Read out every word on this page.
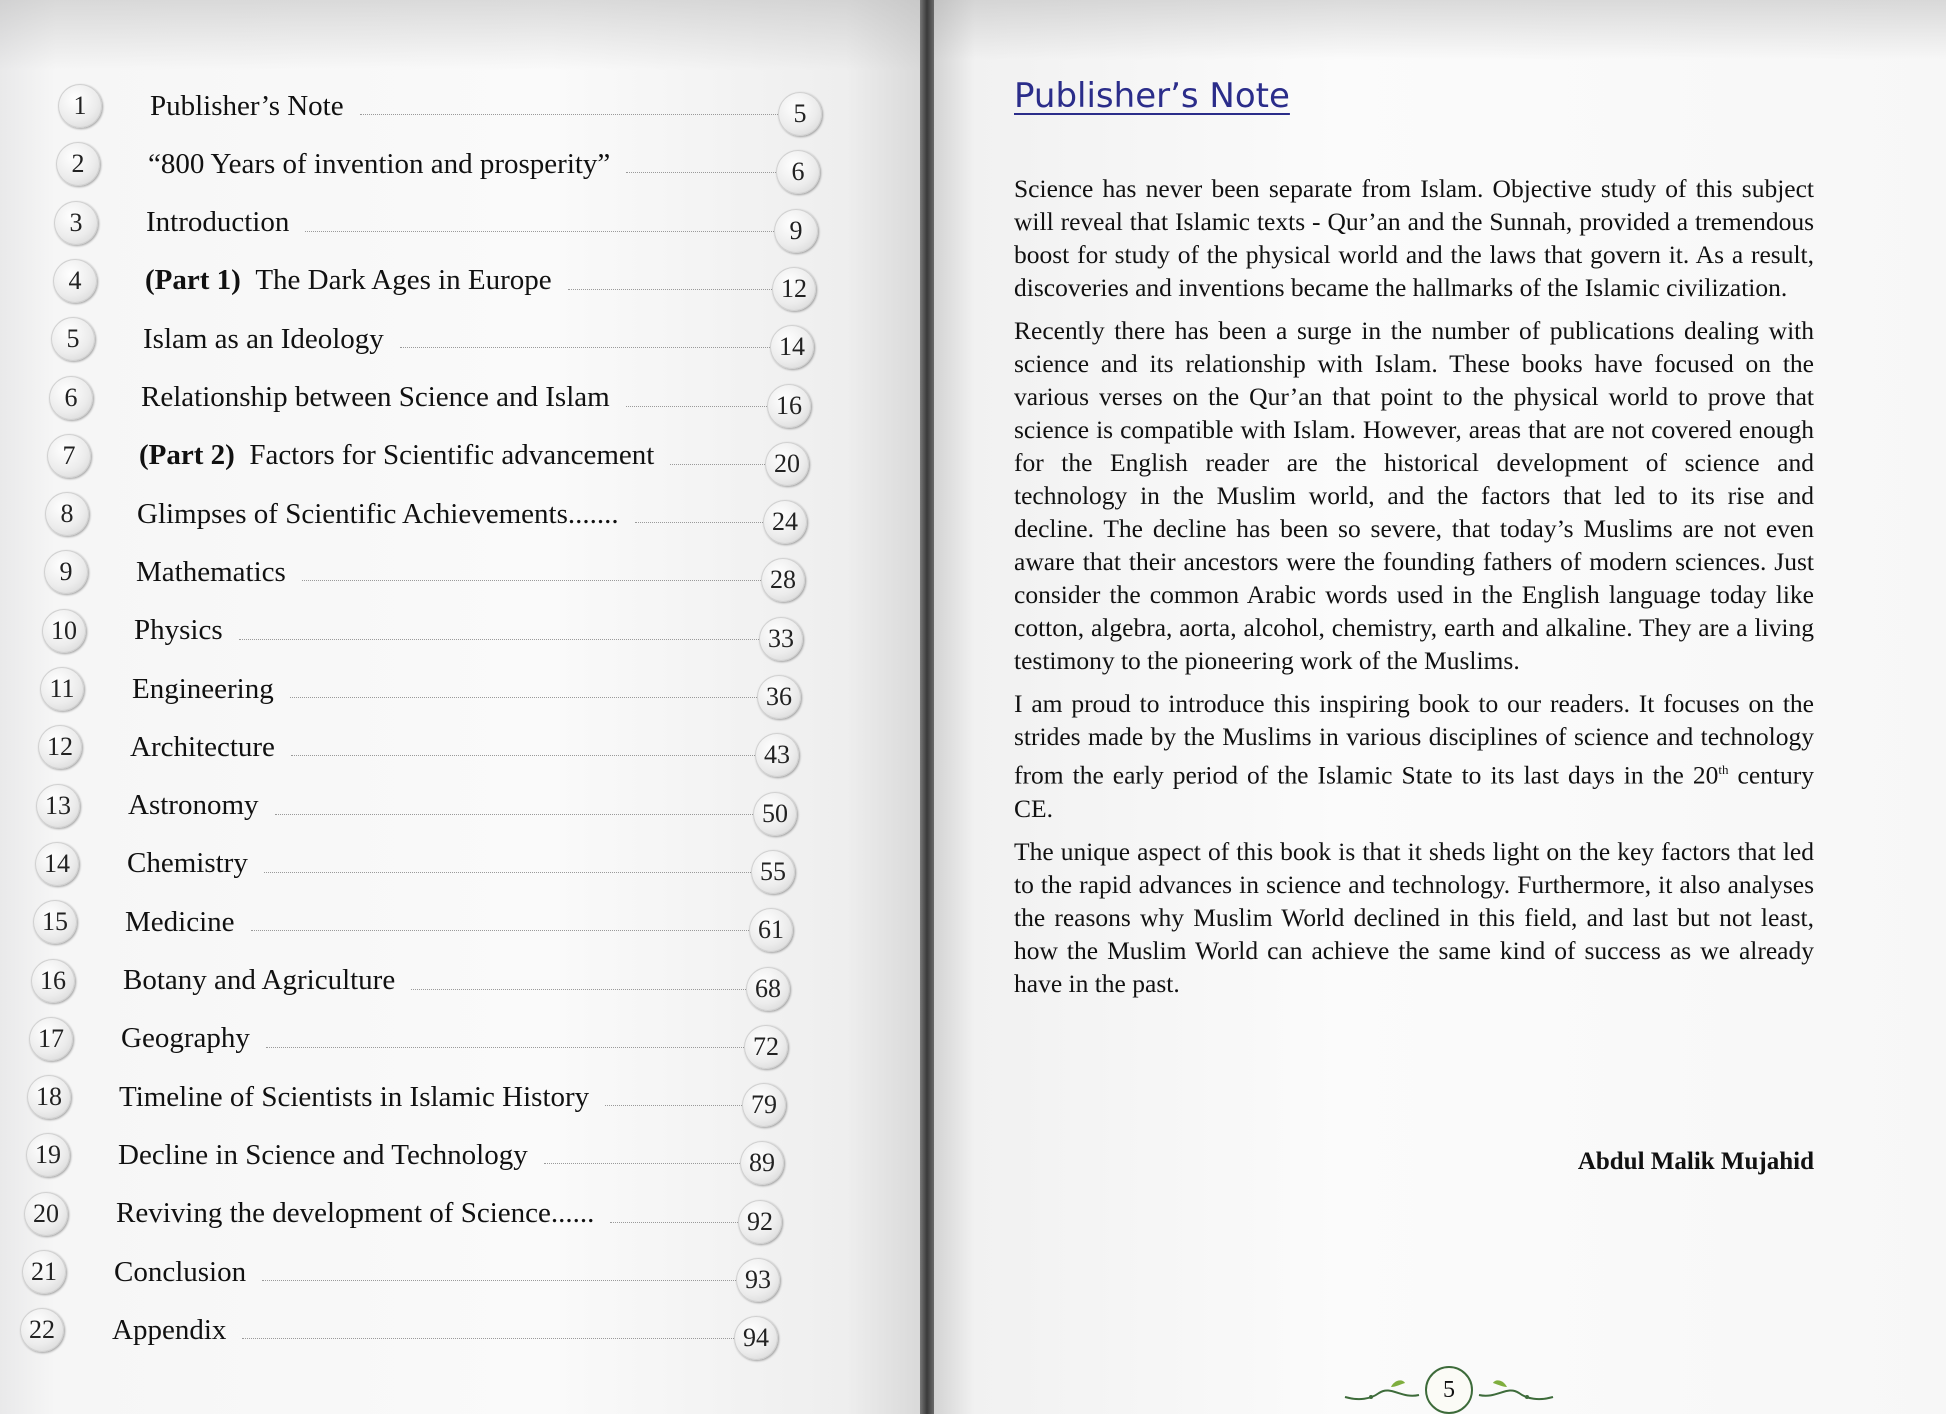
1	Publisher’s Note	5
2	“800 Years of invention and prosperity”	6
3	Introduction	9
4	(Part 1)  The Dark Ages in Europe	12
5	Islam as an Ideology	14
6	Relationship between Science and Islam	16
7	(Part 2)  Factors for Scientific advancement	20
8	Glimpses of Scientific Achievements.......	24
9	Mathematics	28
10	Physics	33
11	Engineering	36
12	Architecture	43
13	Astronomy	50
14	Chemistry	55
15	Medicine	61
16	Botany and Agriculture	68
17	Geography	72
18	Timeline of Scientists in Islamic History	79
19	Decline in Science and Technology	89
20	Reviving the development of Science......	92
21	Conclusion	93
22	Appendix	94
Publisher’s Note

Science has never been separate from Islam. Objective study of this subject will reveal that Islamic texts - Qur’an and the Sunnah, provided a tremendous boost for study of the physical world and the laws that govern it. As a result, discoveries and inventions became the hallmarks of the Islamic civilization.

Recently there has been a surge in the number of publications dealing with science and its relationship with Islam. These books have focused on the various verses on the Qur’an that point to the physical world to prove that science is compatible with Islam. However, areas that are not covered enough for the English reader are the historical development of science and technology in the Muslim world, and the factors that led to its rise and decline. The decline has been so severe, that today’s Muslims are not even aware that their ancestors were the founding fathers of modern sciences. Just consider the common Arabic words used in the English language today like cotton, algebra, aorta, alcohol, chemistry, earth and alkaline. They are a living testimony to the pioneering work of the Muslims.

I am proud to introduce this inspiring book to our readers. It focuses on the strides made by the Muslims in various disciplines of science and technology from the early period of the Islamic State to its last days in the 20th century CE.

The unique aspect of this book is that it sheds light on the key factors that led to the rapid advances in science and technology. Furthermore, it also analyses the reasons why Muslim World declined in this field, and last but not least, how the Muslim World can achieve the same kind of success as we already have in the past.

Abdul Malik Mujahid
5
